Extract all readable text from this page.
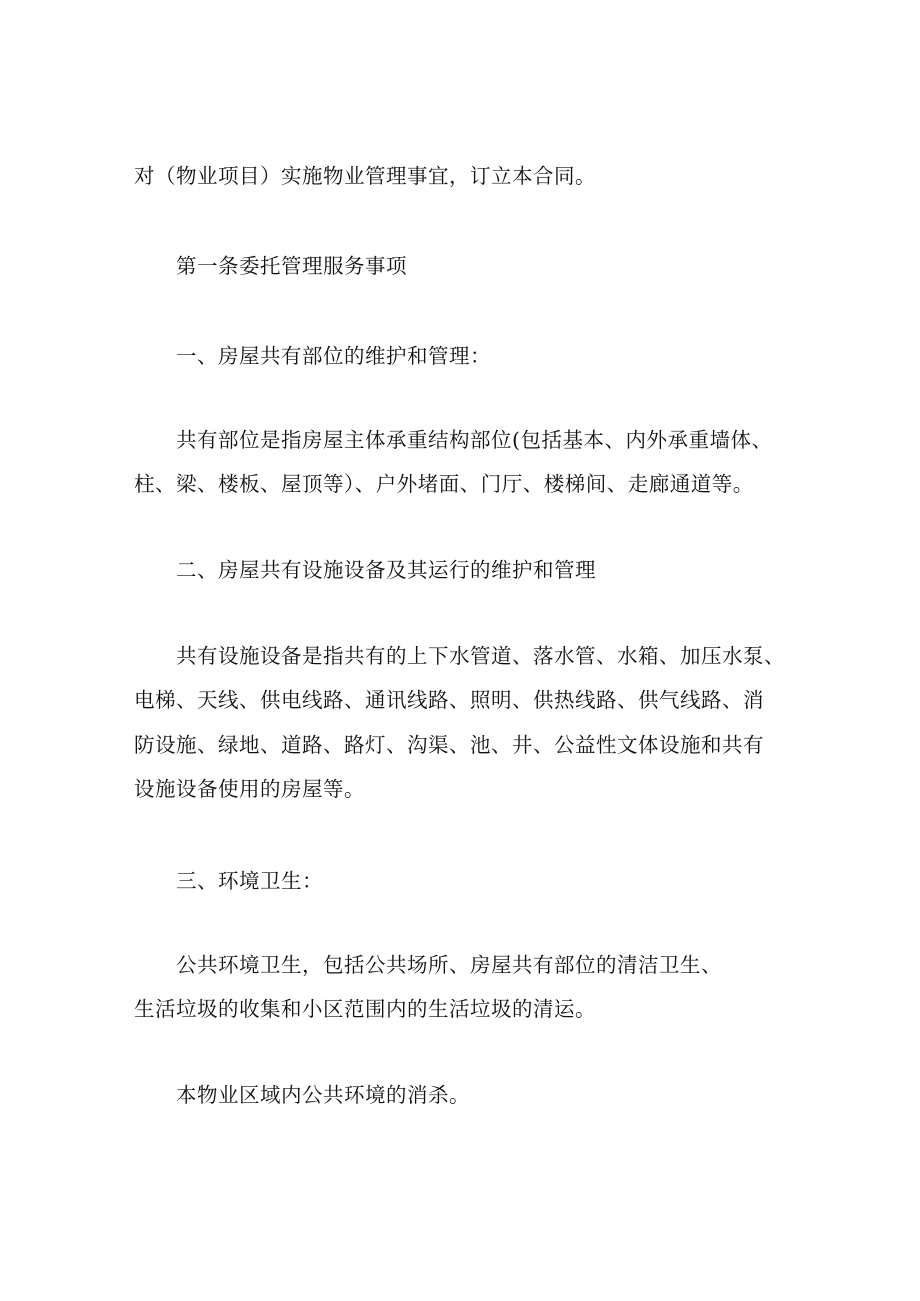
对（物业项目）实施物业管理事宜，订立本合同。
第一条委托管理服务事项
一、房屋共有部位的维护和管理：
共有部位是指房屋主体承重结构部位(包括基本、内外承重墙体、
柱、梁、楼板、屋顶等）、户外堵面、门厅、楼梯间、走廊通道等。
二、房屋共有设施设备及其运行的维护和管理
共有设施设备是指共有的上下水管道、落水管、水箱、加压水泵、
电梯、天线、供电线路、通讯线路、照明、供热线路、供气线路、消
防设施、绿地、道路、路灯、沟渠、池、井、公益性文体设施和共有
设施设备使用的房屋等。
三、环境卫生：
公共环境卫生，包括公共场所、房屋共有部位的清洁卫生、
生活垃圾的收集和小区范围内的生活垃圾的清运。
本物业区域内公共环境的消杀。
